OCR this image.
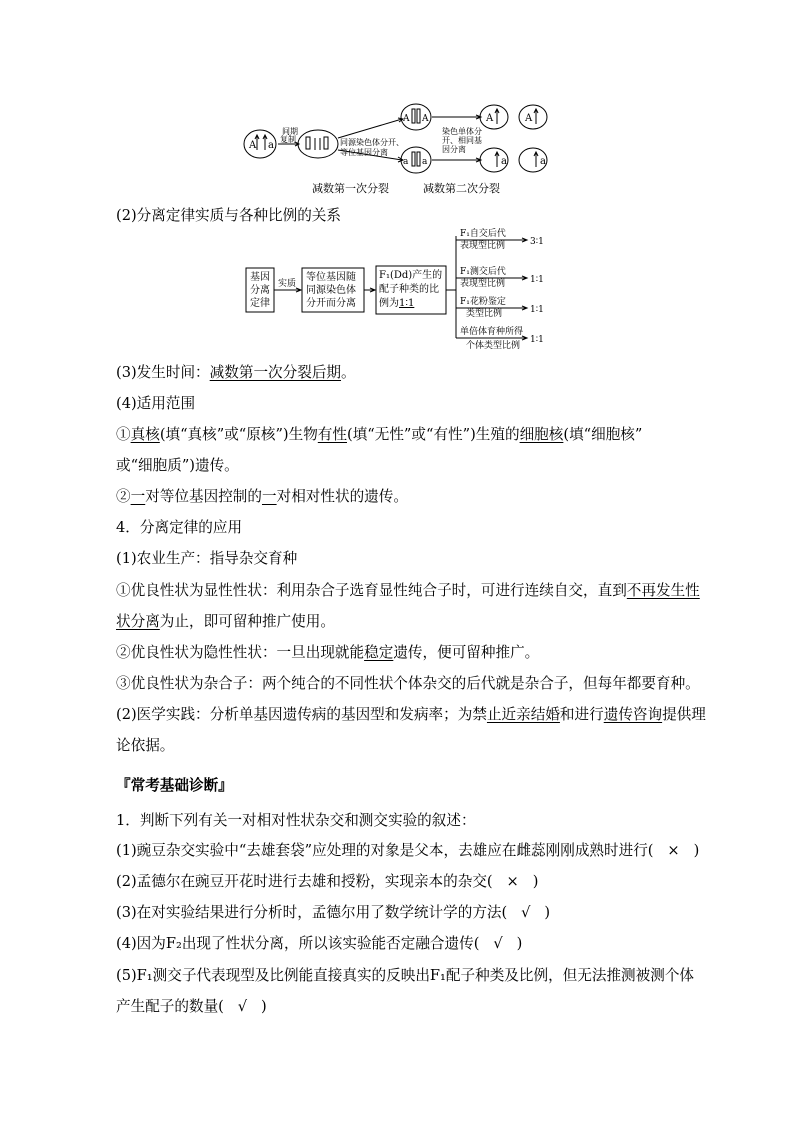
A a
间期
复制
A A
a a
同源染色体分开、
等位基因分离
染色单体分
开、相同基
因分离
A	A
a	a
减数第一次分裂	减数第二次分裂
(2)分离定律实质与各种比例的关系
基因
分离
定律
实质
等位基因随
同源染色体
分开而分离
F₁(Dd)产生的
配子种类的比
例为 1∶1
F₁自交后代
表现型比例	3∶1
F₁测交后代
表现型比例	1∶1
F₁花粉鉴定
类型比例	1∶1
单倍体育种所得
个体类型比例
1∶1
(3)发生时间：减数第一次分裂后期。
(4)适用范围
①真核(填“真核”或“原核”)生物有性(填“无性”或“有性”)生殖的细胞核(填“细胞核”
或“细胞质”)遗传。
②一对等位基因控制的一对相对性状的遗传。
4．分离定律的应用
(1)农业生产：指导杂交育种
①优良性状为显性性状：利用杂合子选育显性纯合子时，可进行连续自交，直到不再发生性
状分离为止，即可留种推广使用。
②优良性状为隐性性状：一旦出现就能稳定遗传，便可留种推广。
③优良性状为杂合子：两个纯合的不同性状个体杂交的后代就是杂合子，但每年都要育种。
(2)医学实践：分析单基因遗传病的基因型和发病率；为禁止近亲结婚和进行遗传咨询提供理
论依据。
『常考基础诊断』
1．判断下列有关一对相对性状杂交和测交实验的叙述：
(1)豌豆杂交实验中“去雄套袋”应处理的对象是父本，去雄应在雌蕊刚刚成熟时进行( × )
(2)孟德尔在豌豆开花时进行去雄和授粉，实现亲本的杂交( × )
(3)在对实验结果进行分析时，孟德尔用了数学统计学的方法( √ )
(4)因为F₂出现了性状分离，所以该实验能否定融合遗传( √ )
(5)F₁测交子代表现型及比例能直接真实的反映出F₁配子种类及比例，但无法推测被测个体
产生配子的数量( √ )
